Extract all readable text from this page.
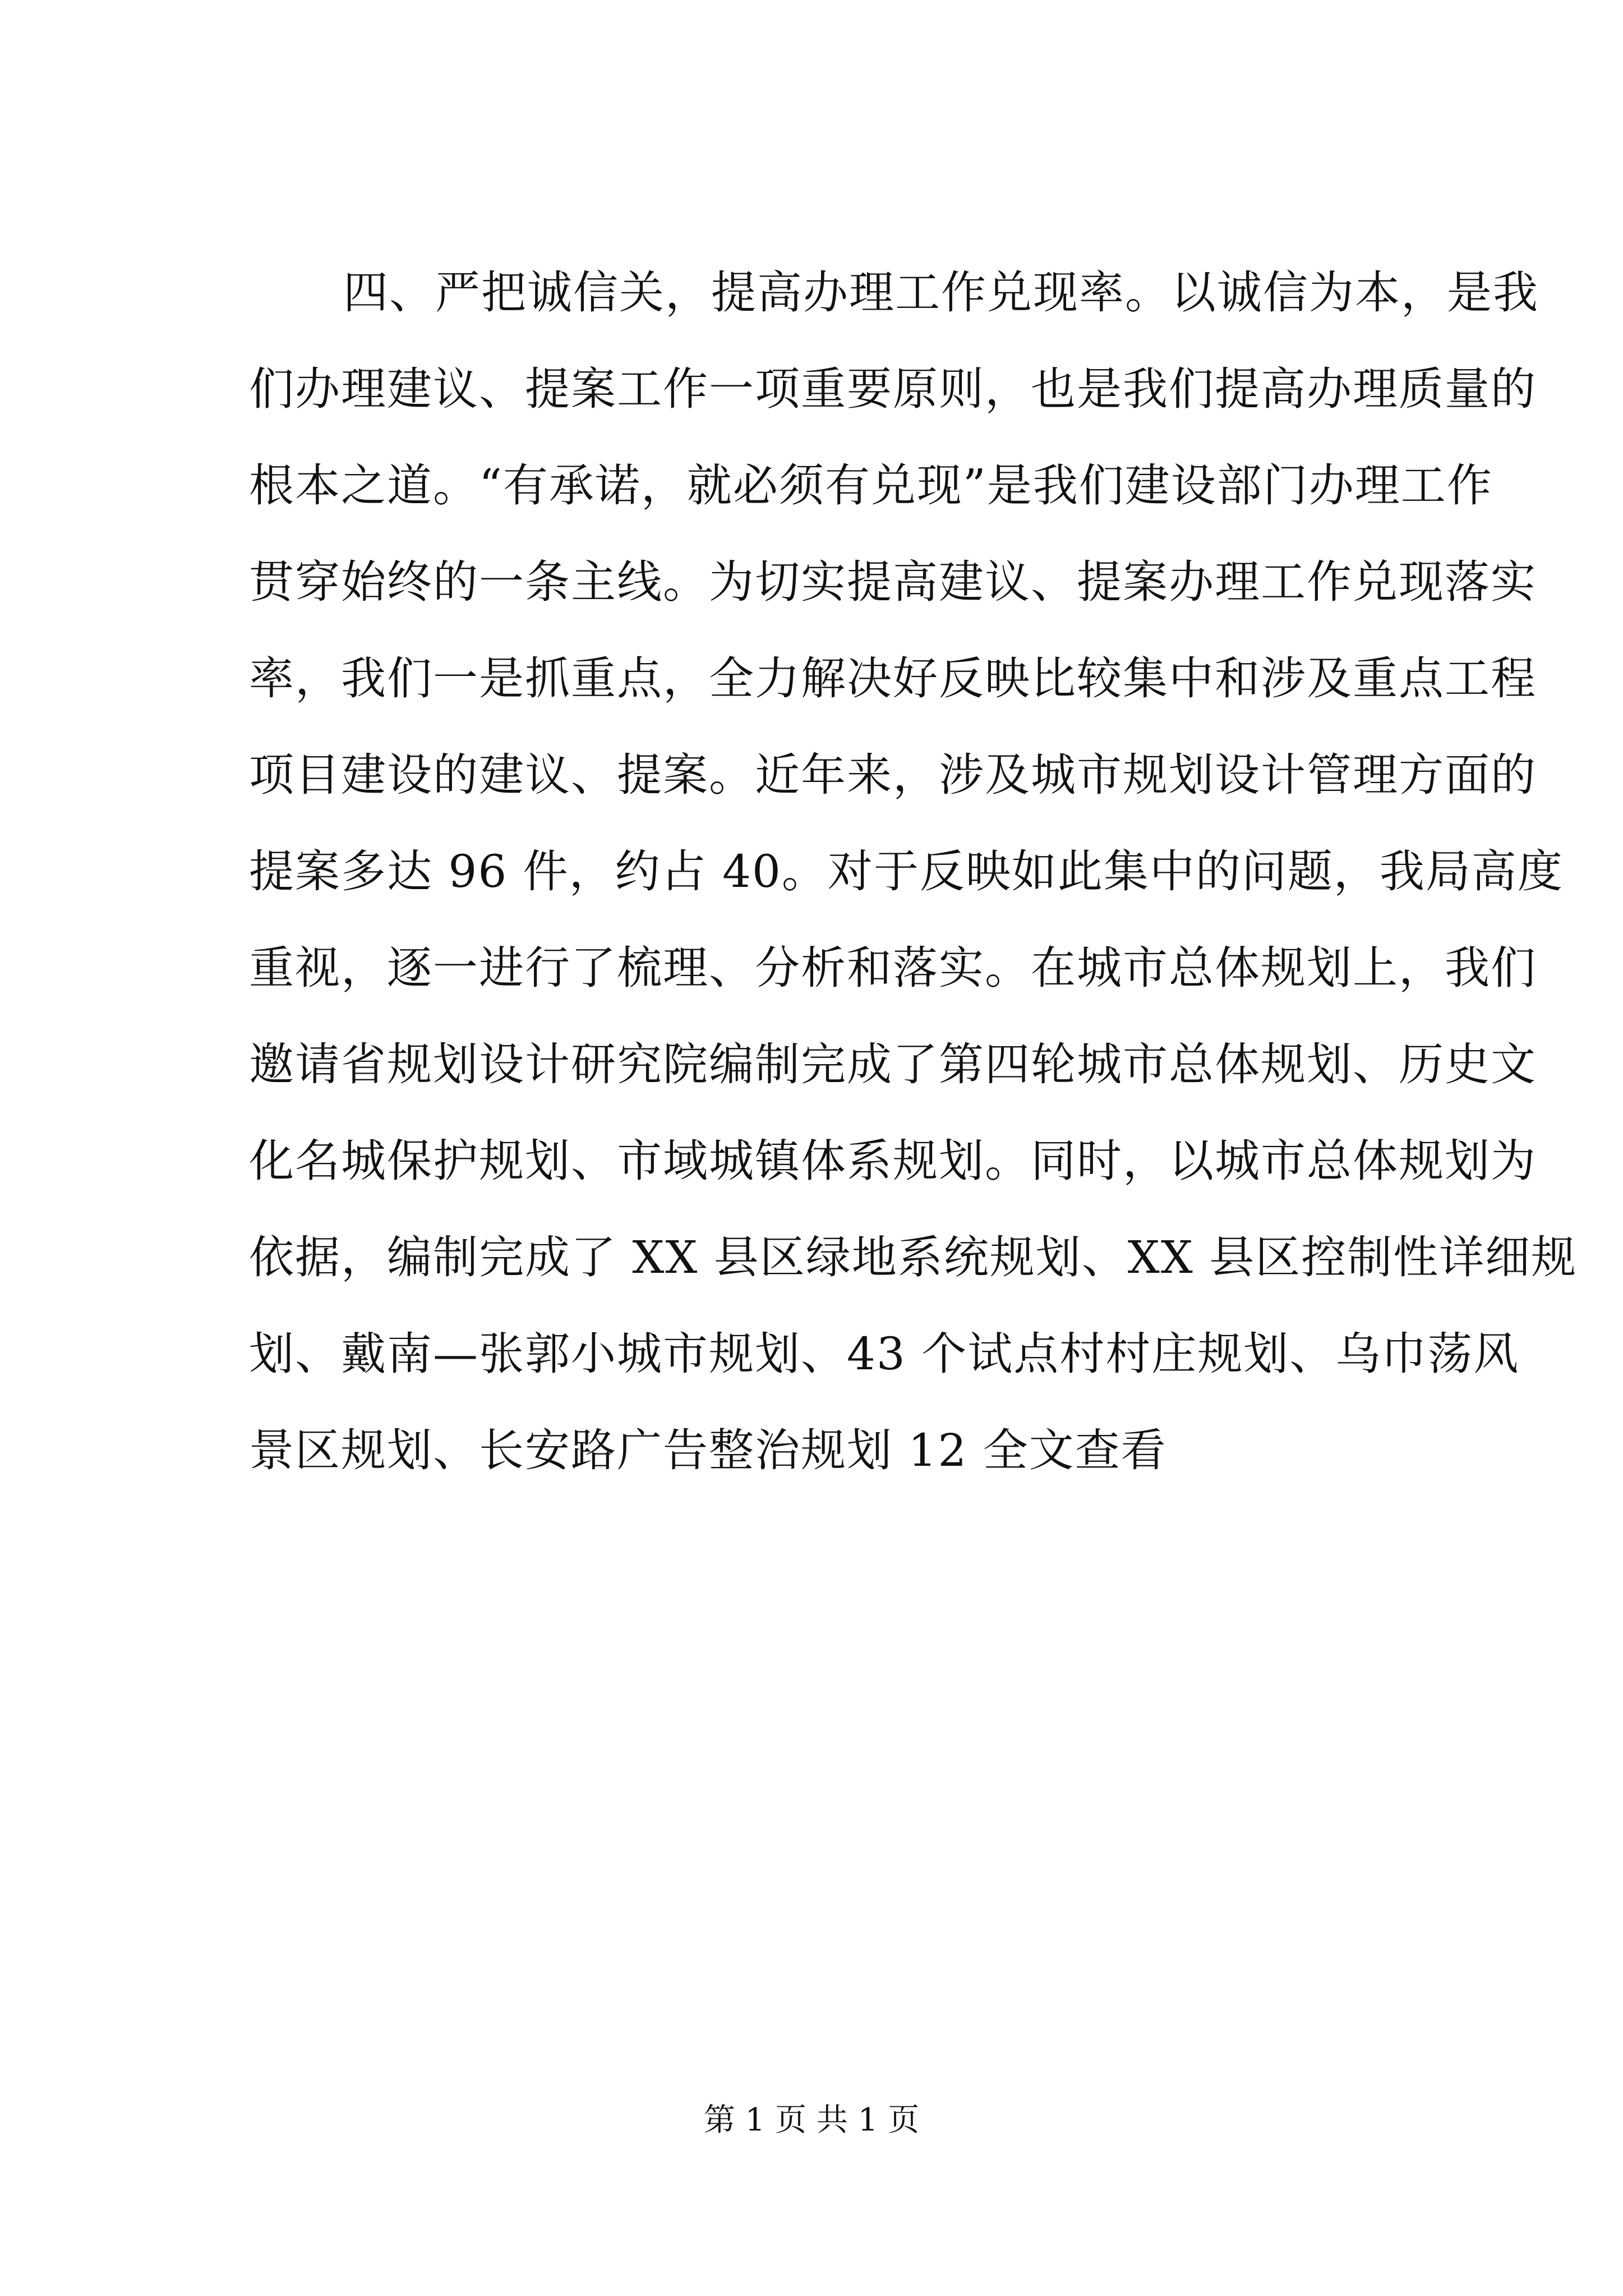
四、严把诚信关，提高办理工作兑现率。以诚信为本，是我
们办理建议、提案工作一项重要原则，也是我们提高办理质量的
根本之道。“有承诺，就必须有兑现”是我们建设部门办理工作
贯穿始终的一条主线。为切实提高建议、提案办理工作兑现落实
率，我们一是抓重点，全力解决好反映比较集中和涉及重点工程
项目建设的建议、提案。近年来，涉及城市规划设计管理方面的
提案多达 96 件，约占 40。对于反映如此集中的问题，我局高度
重视，逐一进行了梳理、分析和落实。在城市总体规划上，我们
邀请省规划设计研究院编制完成了第四轮城市总体规划、历史文
化名城保护规划、市域城镇体系规划。同时，以城市总体规划为
依据，编制完成了 XX 县区绿地系统规划、XX 县区控制性详细规
划、戴南—张郭小城市规划、43 个试点村村庄规划、乌巾荡风
景区规划、长安路广告整治规划 12 全文查看
第 1 页 共 1 页
